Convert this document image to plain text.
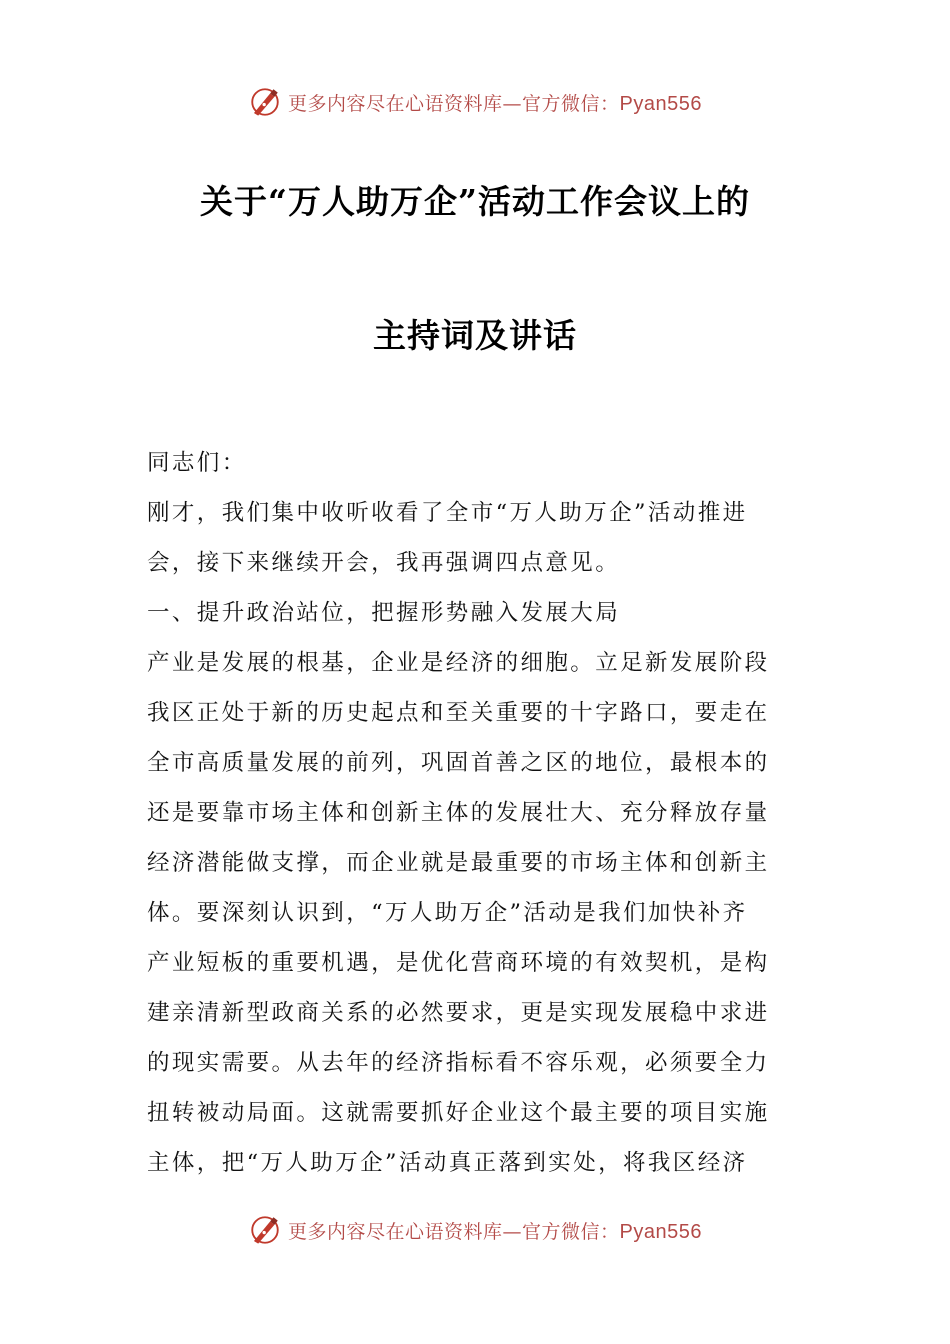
更多内容尽在心语资料库—官方微信：Pyan556
关于“万人助万企”活动工作会议上的
主持词及讲话
同志们：
刚才，我们集中收听收看了全市“万人助万企”活动推进
会，接下来继续开会，我再强调四点意见。
一、提升政治站位，把握形势融入发展大局
产业是发展的根基，企业是经济的细胞。立足新发展阶段
我区正处于新的历史起点和至关重要的十字路口，要走在
全市高质量发展的前列，巩固首善之区的地位，最根本的
还是要靠市场主体和创新主体的发展壮大、充分释放存量
经济潜能做支撑，而企业就是最重要的市场主体和创新主
体。要深刻认识到，“万人助万企”活动是我们加快补齐
产业短板的重要机遇，是优化营商环境的有效契机，是构
建亲清新型政商关系的必然要求，更是实现发展稳中求进
的现实需要。从去年的经济指标看不容乐观，必须要全力
扭转被动局面。这就需要抓好企业这个最主要的项目实施
主体，把“万人助万企”活动真正落到实处，将我区经济
更多内容尽在心语资料库—官方微信：Pyan556
